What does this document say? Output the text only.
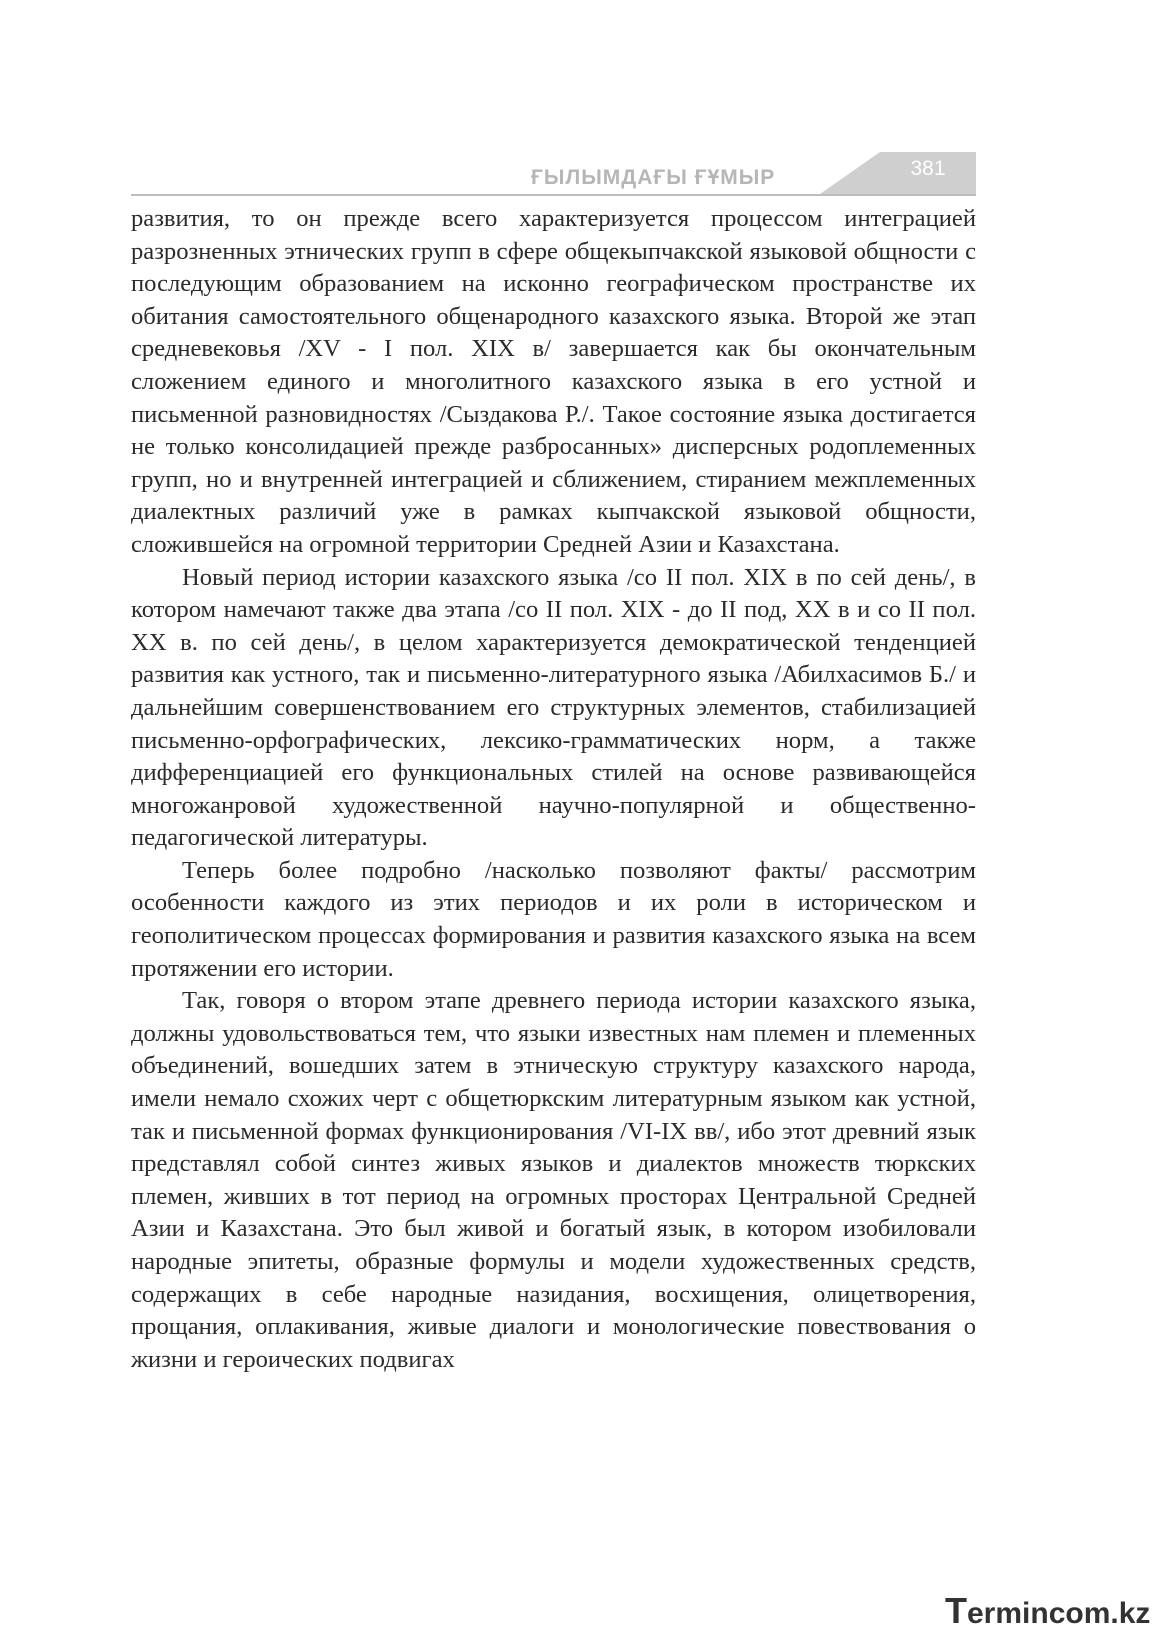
ҒЫЛЫМДАҒЫ ҒҰМЫР	381

развития, то он прежде всего характеризуется процессом интеграцией разрозненных этнических групп в сфере общекыпчакской языковой общности с последующим образованием на исконно географическом пространстве их обитания самостоятельного общенародного казахского языка. Второй же этап средневековья /XV - I пол. XIX в/ завершается как бы окончательным сложением единого и многолитного казахского языка в его устной и письменной разновидностях /Сыздакова Р./. Такое состояние языка достигается не только консолидацией прежде разбросанных» дисперсных родоплеменных групп, но и внутренней интеграцией и сближением, стиранием межплеменных диалектных различий уже в рамках кыпчакской языковой общности, сложившейся на огромной территории Средней Азии и Казахстана.

Новый период истории казахского языка /со II пол. XIX в по сей день/, в котором намечают также два этапа /со II пол. XIX - до II под, XX в и со II пол. XX в. по сей день/, в целом характеризуется демократической тенденцией развития как устного, так и письменно-литературного языка /Абилхасимов Б./ и дальнейшим совершенствованием его структурных элементов, стабилизацией письменно-орфографических, лексико-грамматических норм, а также дифференциацией его функциональных стилей на основе развивающейся многожанровой художественной научно-популярной и общественно-педагогической литературы.

Теперь более подробно /насколько позволяют факты/ рассмотрим особенности каждого из этих периодов и их роли в историческом и геополитическом процессах формирования и развития казахского языка на всем протяжении его истории.

Так, говоря о втором этапе древнего периода истории казахского языка, должны удовольствоваться тем, что языки известных нам племен и племенных объединений, вошедших затем в этническую структуру казахского народа, имели немало схожих черт с общетюркским литературным языком как устной, так и письменной формах функционирования /VI-IX вв/, ибо этот древний язык представлял собой синтез живых языков и диалектов множеств тюркских племен, живших в тот период на огромных просторах Центральной Средней Азии и Казахстана. Это был живой и богатый язык, в котором изобиловали народные эпитеты, образные формулы и модели художественных средств, содержащих в себе народные назидания, восхищения, олицетворения, прощания, оплакивания, живые диалоги и монологические повествования о жизни и героических подвигах

Termincom.kz
